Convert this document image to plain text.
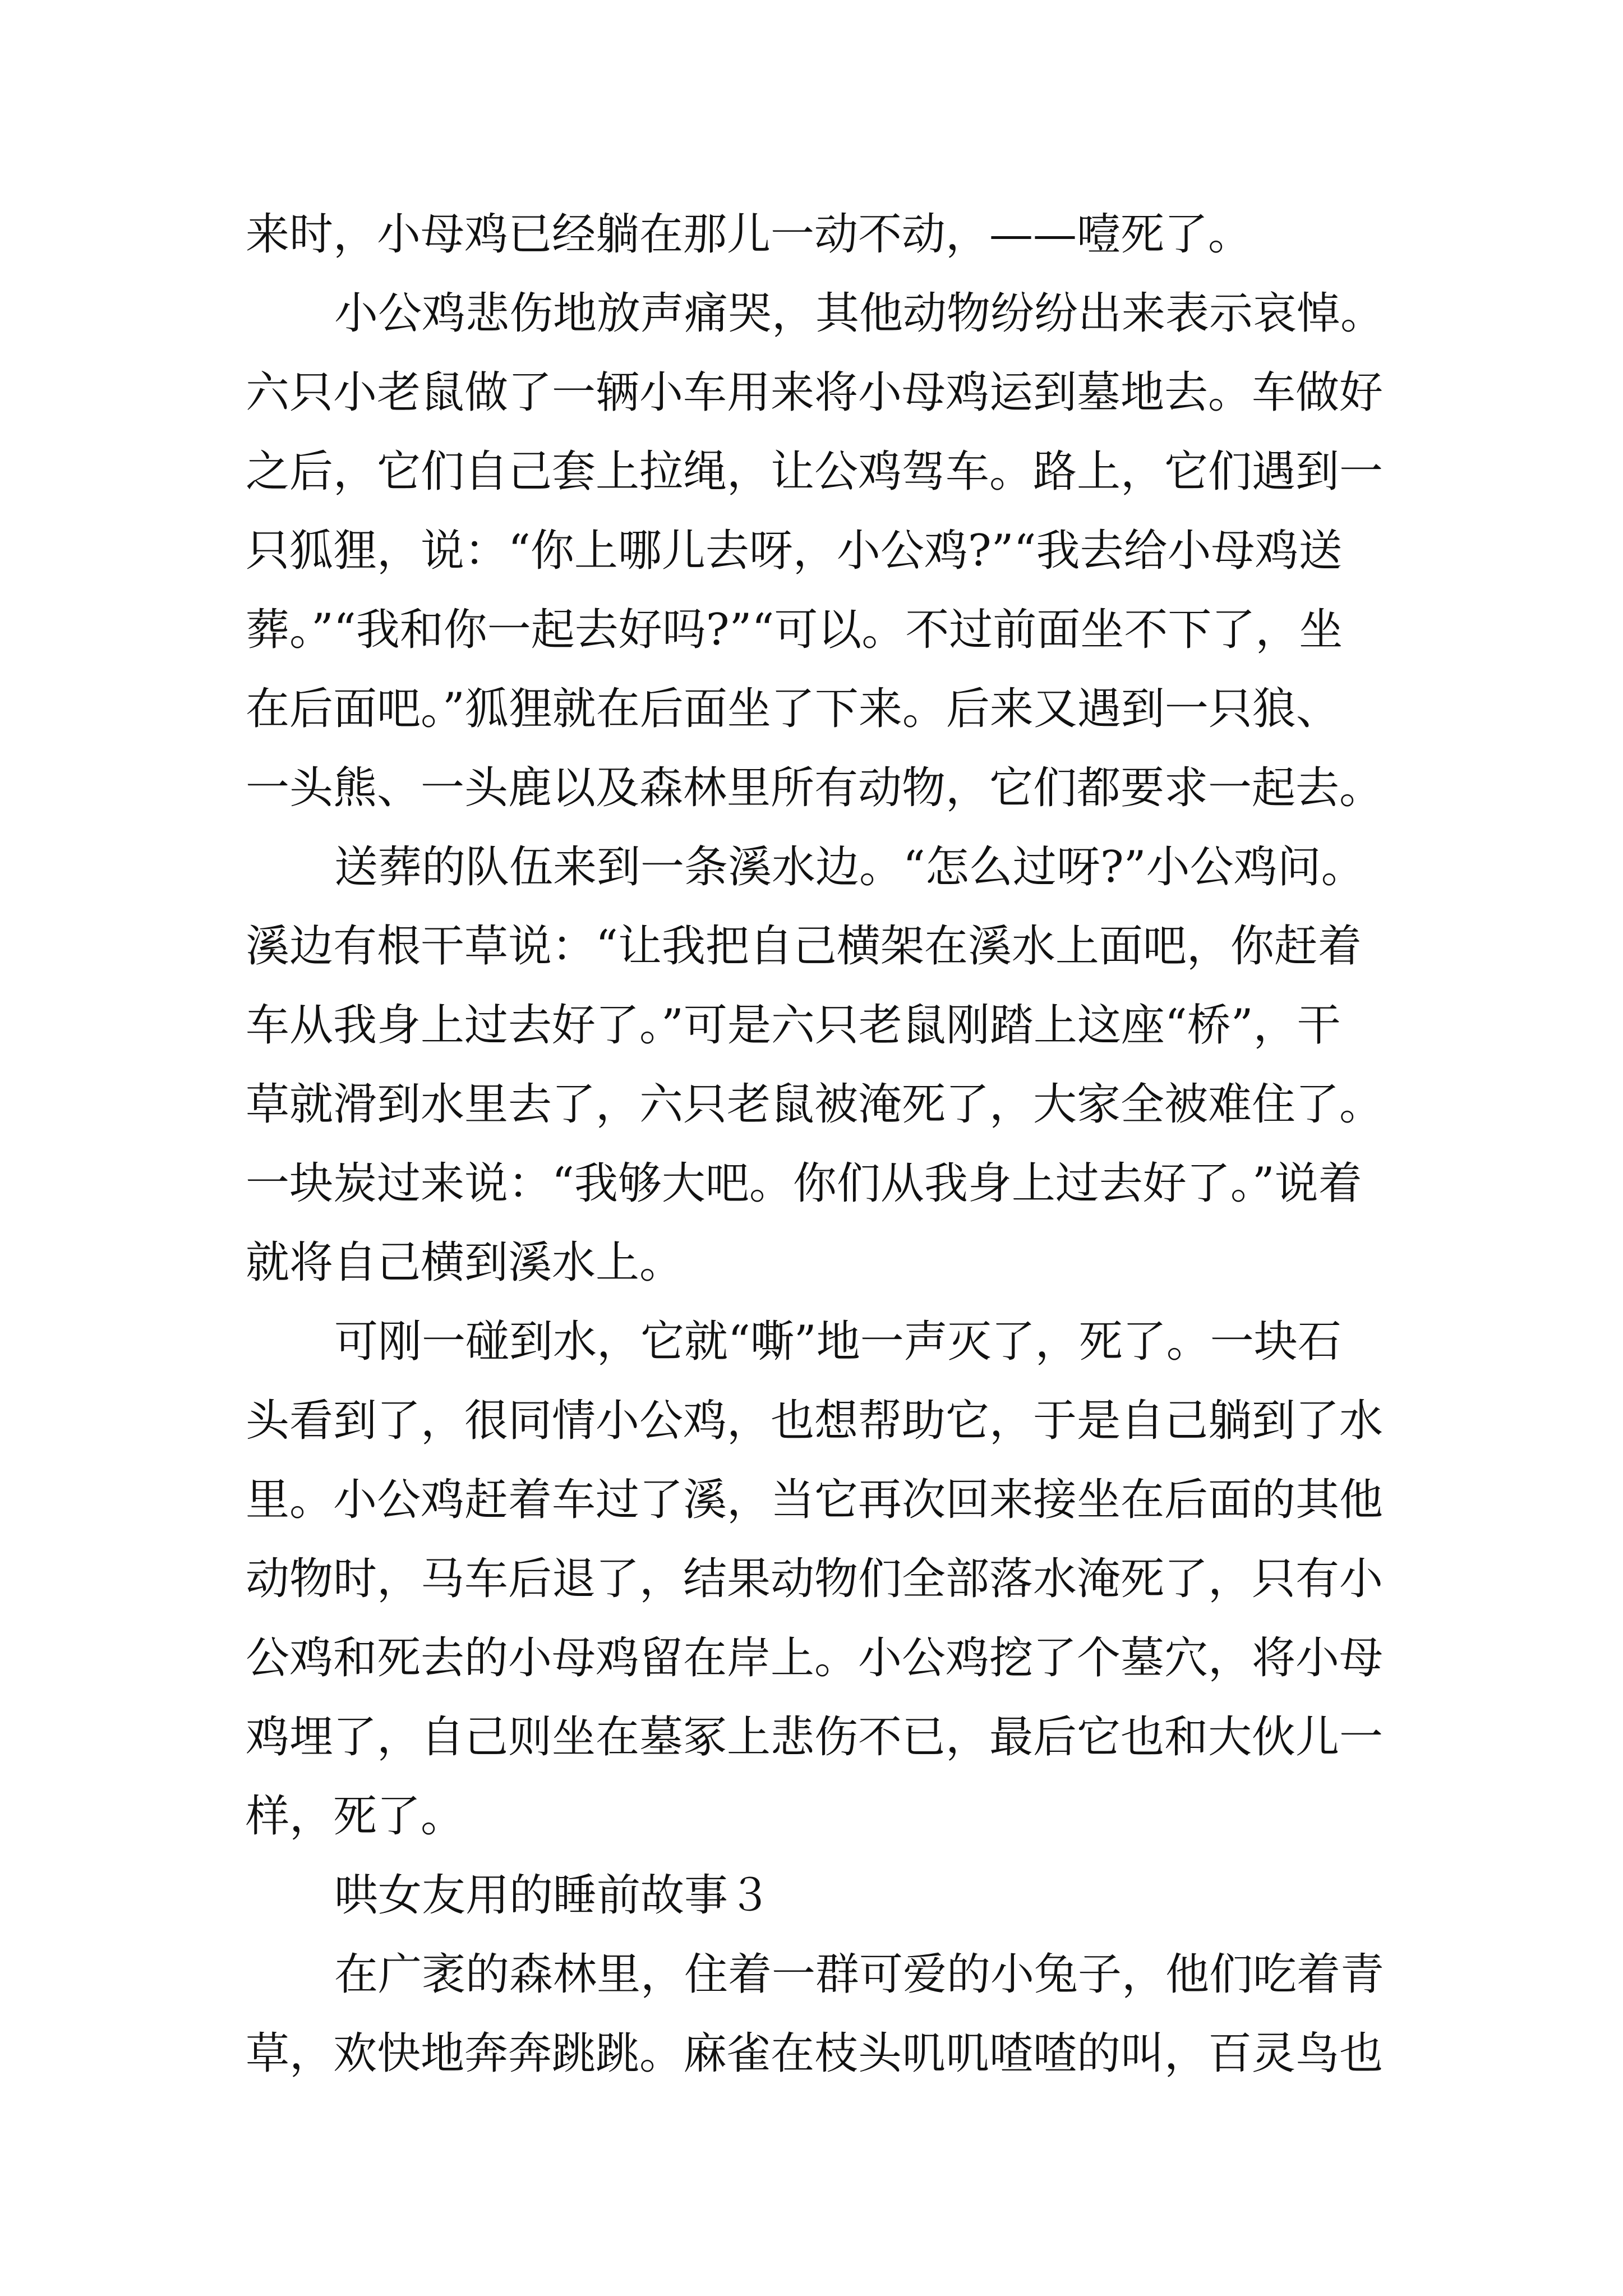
来时，小母鸡已经躺在那儿一动不动，——噎死了。
小公鸡悲伤地放声痛哭，其他动物纷纷出来表示哀悼。
六只小老鼠做了一辆小车用来将小母鸡运到墓地去。车做好
之后，它们自己套上拉绳，让公鸡驾车。路上，它们遇到一
只狐狸，说：“你上哪儿去呀，小公鸡?”“我去给小母鸡送
葬。”“我和你一起去好吗?”“可以。不过前面坐不下了，坐
在后面吧。”狐狸就在后面坐了下来。后来又遇到一只狼、
一头熊、一头鹿以及森林里所有动物，它们都要求一起去。
送葬的队伍来到一条溪水边。“怎么过呀?”小公鸡问。
溪边有根干草说：“让我把自己横架在溪水上面吧，你赶着
车从我身上过去好了。”可是六只老鼠刚踏上这座“桥”，干
草就滑到水里去了，六只老鼠被淹死了，大家全被难住了。
一块炭过来说：“我够大吧。你们从我身上过去好了。”说着
就将自己横到溪水上。
可刚一碰到水，它就“嘶”地一声灭了，死了。一块石
头看到了，很同情小公鸡，也想帮助它，于是自己躺到了水
里。小公鸡赶着车过了溪，当它再次回来接坐在后面的其他
动物时，马车后退了，结果动物们全部落水淹死了，只有小
公鸡和死去的小母鸡留在岸上。小公鸡挖了个墓穴，将小母
鸡埋了，自己则坐在墓冢上悲伤不已，最后它也和大伙儿一
样，死了。
哄女友用的睡前故事３
在广袤的森林里，住着一群可爱的小兔子，他们吃着青
草，欢快地奔奔跳跳。麻雀在枝头叽叽喳喳的叫，百灵鸟也
